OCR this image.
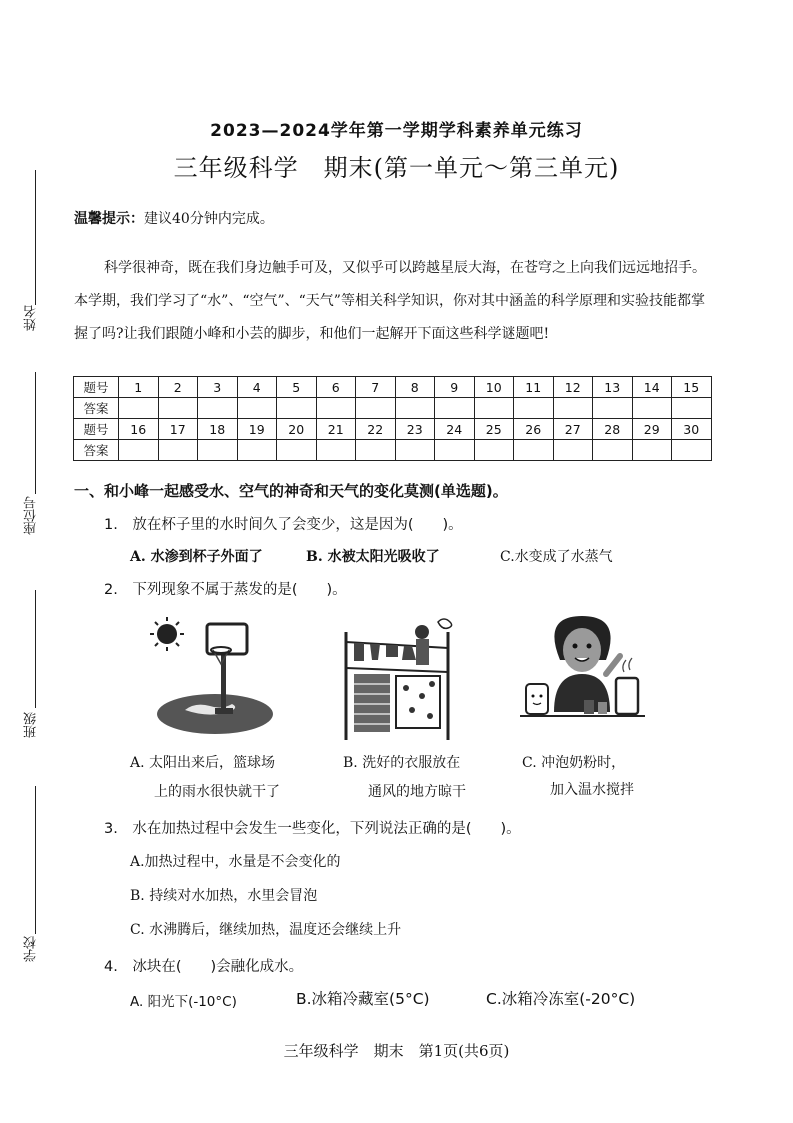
姓名
座位号
班级
学校
2023—2024学年第一学期学科素养单元练习
三年级科学　期末(第一单元～第三单元)
温馨提示：建议40分钟内完成。
科学很神奇，既在我们身边触手可及，又似乎可以跨越星辰大海，在苍穹之上向我们远远地招手。本学期，我们学习了“水”、“空气”、“天气”等相关科学知识，你对其中涵盖的科学原理和实验技能都掌握了吗?让我们跟随小峰和小芸的脚步，和他们一起解开下面这些科学谜题吧!
题号	1	2	3	4	5	6	7	8	9	10	11	12	13	14	15
答案															
题号	16	17	18	19	20	21	22	23	24	25	26	27	28	29	30
答案															
一、和小峰一起感受水、空气的神奇和天气的变化莫测(单选题)。
1.　放在杯子里的水时间久了会变少，这是因为(　　)。
A. 水渗到杯子外面了	B. 水被太阳光吸收了	C.水变成了水蒸气
2.　下列现象不属于蒸发的是(　　)。
A. 太阳出来后，篮球场
上的雨水很快就干了
B. 洗好的衣服放在
通风的地方晾干
C. 冲泡奶粉时，
加入温水搅拌
3.　水在加热过程中会发生一些变化，下列说法正确的是(　　)。
A.加热过程中，水量是不会变化的
B. 持续对水加热，水里会冒泡
C. 水沸腾后，继续加热，温度还会继续上升
4.　冰块在(　　)会融化成水。
A. 阳光下(-10°C)	B.冰箱冷藏室(5°C)	C.冰箱冷冻室(-20°C)
三年级科学　期末　第1页(共6页)
